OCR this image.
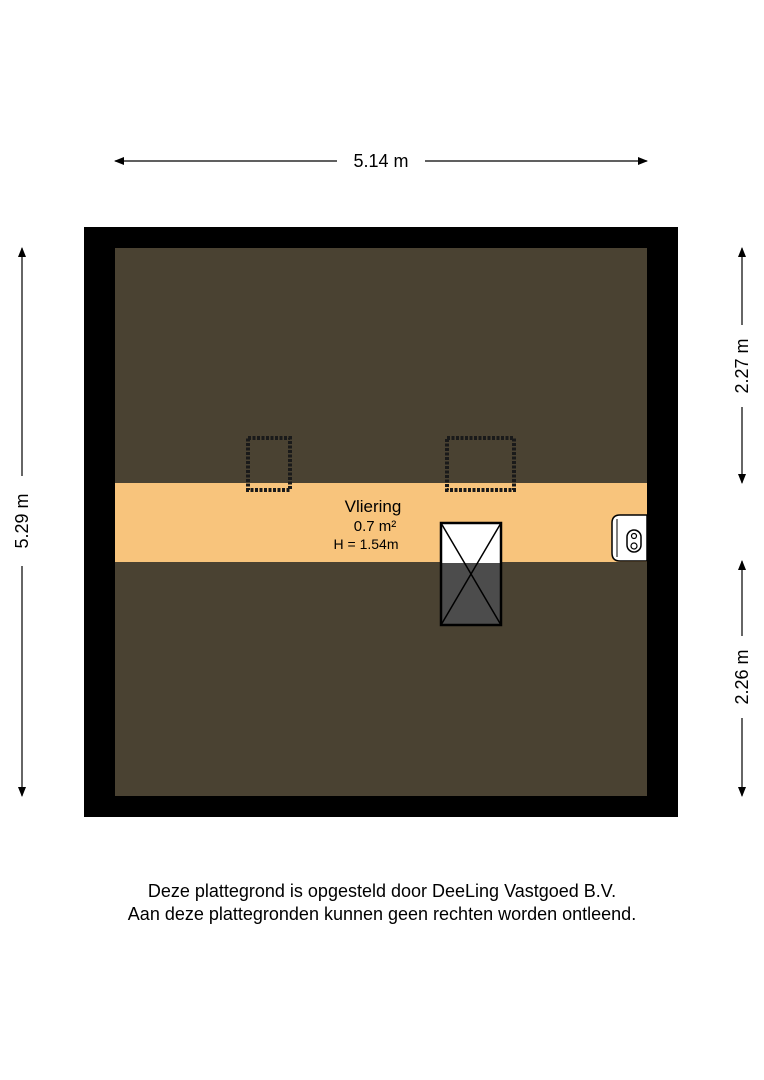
5.14 m
5.29 m
2.27 m
2.26 m
Vliering
0.7 m²
H = 1.54m
Deze plattegrond is opgesteld door DeeLing Vastgoed B.V.
Aan deze plattegronden kunnen geen rechten worden ontleend.
